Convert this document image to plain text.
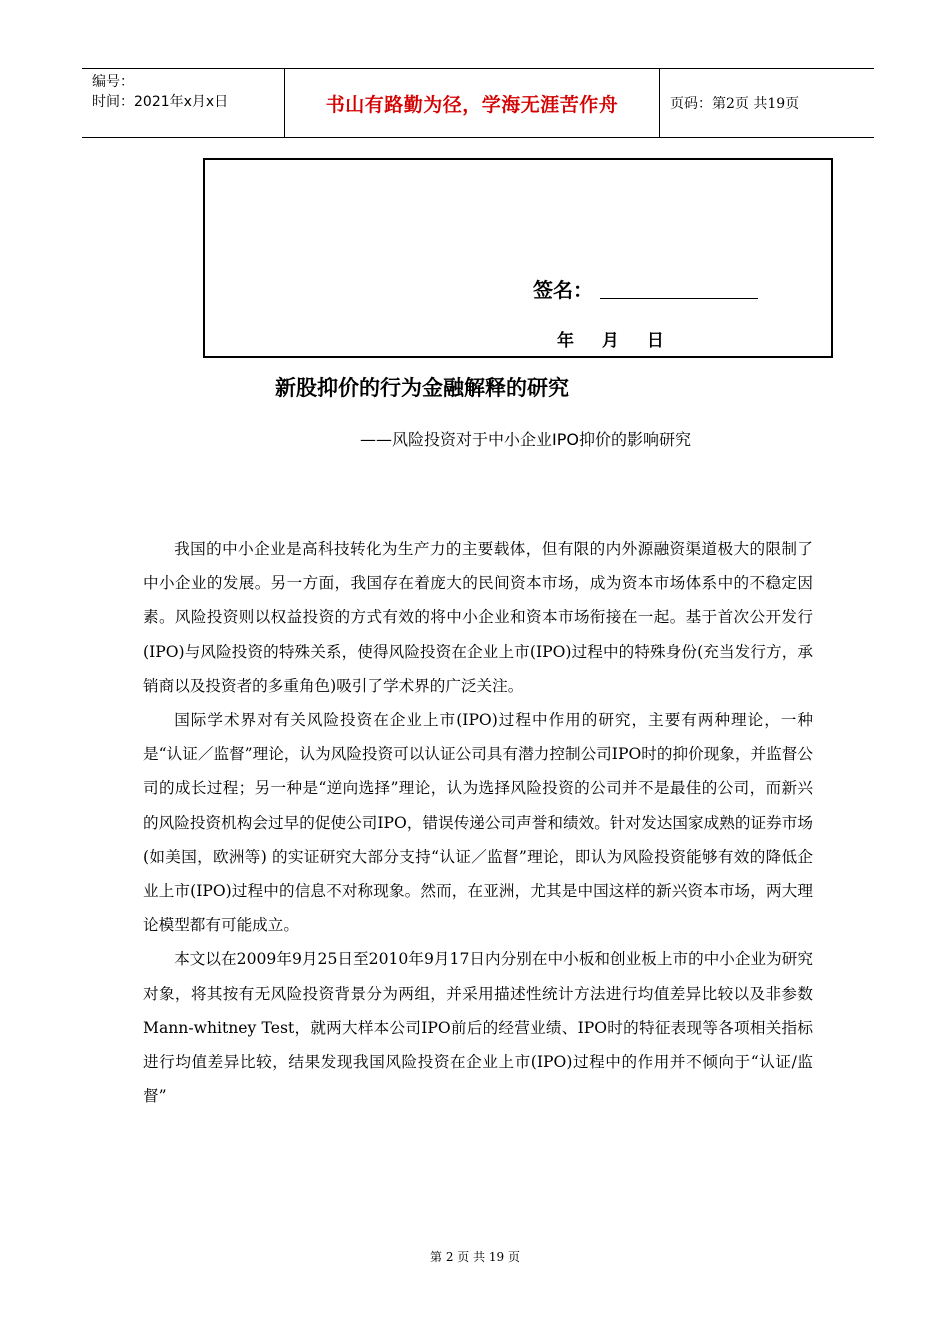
编号：
时间：2021年x月x日	书山有路勤为径，学海无涯苦作舟	页码：第2页 共19页
签名：
年 月 日
新股抑价的行为金融解释的研究
——风险投资对于中小企业IPO抑价的影响研究

我国的中小企业是高科技转化为生产力的主要载体，但有限的内外源融资渠道极大的限制了中小企业的发展。另一方面，我国存在着庞大的民间资本市场，成为资本市场体系中的不稳定因素。风险投资则以权益投资的方式有效的将中小企业和资本市场衔接在一起。基于首次公开发行(IPO)与风险投资的特殊关系，使得风险投资在企业上市(IPO)过程中的特殊身份(充当发行方，承销商以及投资者的多重角色)吸引了学术界的广泛关注。

国际学术界对有关风险投资在企业上市(IPO)过程中作用的研究，主要有两种理论，一种是“认证／监督”理论，认为风险投资可以认证公司具有潜力控制公司IPO时的抑价现象，并监督公司的成长过程；另一种是“逆向选择”理论，认为选择风险投资的公司并不是最佳的公司，而新兴的风险投资机构会过早的促使公司IPO，错误传递公司声誉和绩效。针对发达国家成熟的证券市场(如美国，欧洲等) 的实证研究大部分支持“认证／监督”理论，即认为风险投资能够有效的降低企业上市(IPO)过程中的信息不对称现象。然而，在亚洲，尤其是中国这样的新兴资本市场，两大理论模型都有可能成立。

本文以在2009年9月25日至2010年9月17日内分别在中小板和创业板上市的中小企业为研究对象，将其按有无风险投资背景分为两组，并采用描述性统计方法进行均值差异比较以及非参数Mann-whitney Test，就两大样本公司IPO前后的经营业绩、IPO时的特征表现等各项相关指标进行均值差异比较，结果发现我国风险投资在企业上市(IPO)过程中的作用并不倾向于“认证/监督”

第 2 页 共 19 页
